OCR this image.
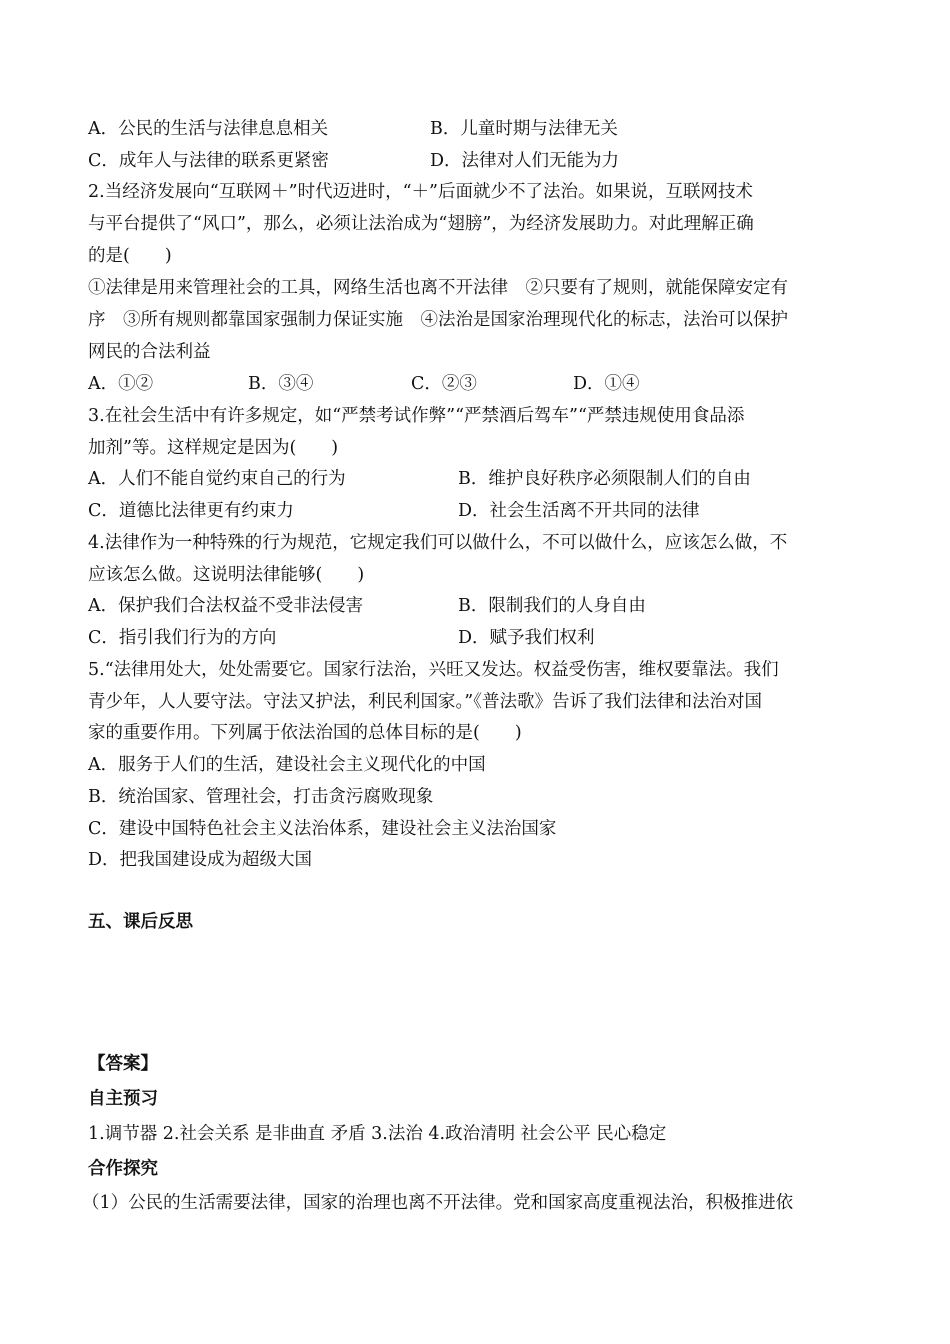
A．公民的生活与法律息息相关	B．儿童时期与法律无关
C．成年人与法律的联系更紧密	D．法律对人们无能为力
2.当经济发展向“互联网＋”时代迈进时，“＋”后面就少不了法治。如果说，互联网技术
与平台提供了“风口”，那么，必须让法治成为“翅膀”，为经济发展助力。对此理解正确
的是(　　)
①法律是用来管理社会的工具，网络生活也离不开法律　②只要有了规则，就能保障安定有
序　③所有规则都靠国家强制力保证实施　④法治是国家治理现代化的标志，法治可以保护
网民的合法利益
A．①②	B．③④	C．②③	D．①④
3.在社会生活中有许多规定，如“严禁考试作弊”“严禁酒后驾车”“严禁违规使用食品添
加剂”等。这样规定是因为(　　)
A．人们不能自觉约束自己的行为	B．维护良好秩序必须限制人们的自由
C．道德比法律更有约束力	D．社会生活离不开共同的法律
4.法律作为一种特殊的行为规范，它规定我们可以做什么，不可以做什么，应该怎么做，不
应该怎么做。这说明法律能够(　　)
A．保护我们合法权益不受非法侵害	B．限制我们的人身自由
C．指引我们行为的方向	D．赋予我们权利
5.“法律用处大，处处需要它。国家行法治，兴旺又发达。权益受伤害，维权要靠法。我们
青少年，人人要守法。守法又护法，利民利国家。”《普法歌》告诉了我们法律和法治对国
家的重要作用。下列属于依法治国的总体目标的是(　　)
A．服务于人们的生活，建设社会主义现代化的中国
B．统治国家、管理社会，打击贪污腐败现象
C．建设中国特色社会主义法治体系，建设社会主义法治国家
D．把我国建设成为超级大国
五、课后反思
【答案】
自主预习
1.调节器 2.社会关系 是非曲直 矛盾 3.法治 4.政治清明 社会公平 民心稳定
合作探究
（1）公民的生活需要法律，国家的治理也离不开法律。党和国家高度重视法治，积极推进依
